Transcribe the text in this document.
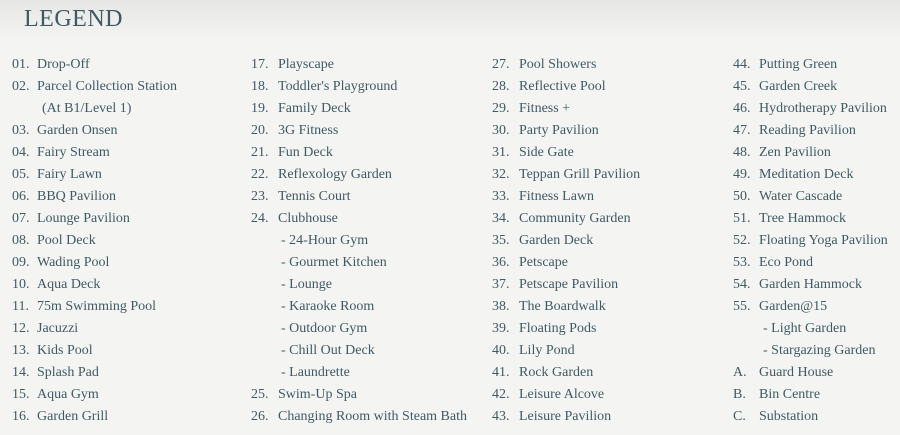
LEGEND
01. Drop-Off
02. Parcel Collection Station
(At B1/Level 1)
03. Garden Onsen
04. Fairy Stream
05. Fairy Lawn
06. BBQ Pavilion
07. Lounge Pavilion
08. Pool Deck
09. Wading Pool
10. Aqua Deck
11. 75m Swimming Pool
12. Jacuzzi
13. Kids Pool
14. Splash Pad
15. Aqua Gym
16. Garden Grill
17. Playscape
18. Toddler's Playground
19. Family Deck
20. 3G Fitness
21. Fun Deck
22. Reflexology Garden
23. Tennis Court
24. Clubhouse
- 24-Hour Gym
- Gourmet Kitchen
- Lounge
- Karaoke Room
- Outdoor Gym
- Chill Out Deck
- Laundrette
25. Swim-Up Spa
26. Changing Room with Steam Bath
27. Pool Showers
28. Reflective Pool
29. Fitness +
30. Party Pavilion
31. Side Gate
32. Teppan Grill Pavilion
33. Fitness Lawn
34. Community Garden
35. Garden Deck
36. Petscape
37. Petscape Pavilion
38. The Boardwalk
39. Floating Pods
40. Lily Pond
41. Rock Garden
42. Leisure Alcove
43. Leisure Pavilion
44. Putting Green
45. Garden Creek
46. Hydrotherapy Pavilion
47. Reading Pavilion
48. Zen Pavilion
49. Meditation Deck
50. Water Cascade
51. Tree Hammock
52. Floating Yoga Pavilion
53. Eco Pond
54. Garden Hammock
55. Garden@15
- Light Garden
- Stargazing Garden
A. Guard House
B. Bin Centre
C. Substation
